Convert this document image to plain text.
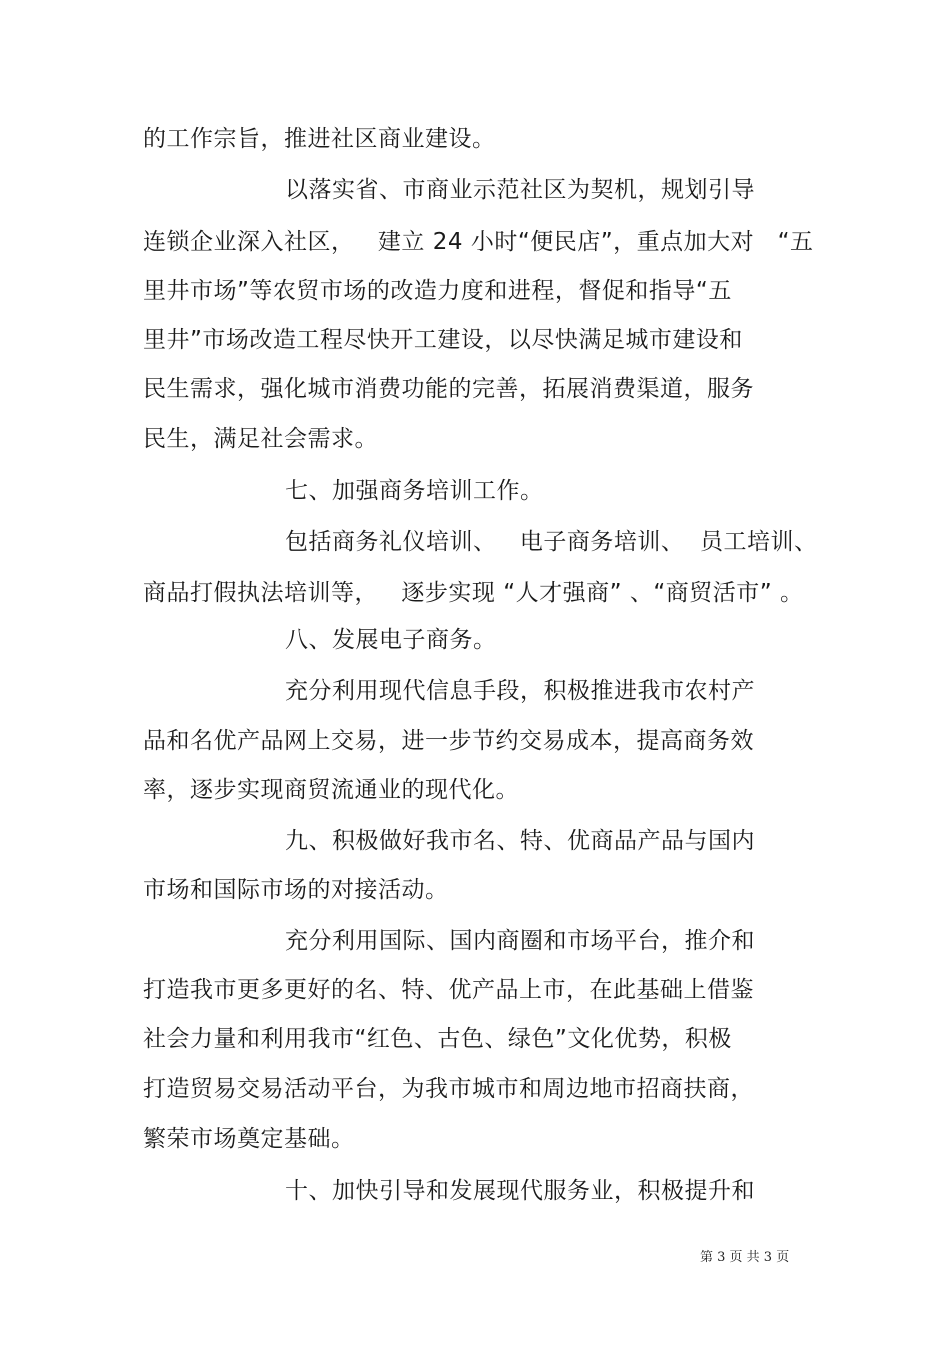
的工作宗旨，推进社区商业建设。
以落实省、市商业示范社区为契机，规划引导
连锁企业深入社区，   建立 24 小时“便民店”，重点加大对   “五
里井市场”等农贸市场的改造力度和进程，督促和指导“五
里井”市场改造工程尽快开工建设，以尽快满足城市建设和
民生需求，强化城市消费功能的完善，拓展消费渠道，服务
民生，满足社会需求。
七、加强商务培训工作。
包括商务礼仪培训、   电子商务培训、  员工培训、
商品打假执法培训等，   逐步实现 “人才强商” 、“商贸活市” 。
八、发展电子商务。
充分利用现代信息手段，积极推进我市农村产
品和名优产品网上交易，进一步节约交易成本，提高商务效
率，逐步实现商贸流通业的现代化。
九、积极做好我市名、特、优商品产品与国内
市场和国际市场的对接活动。
充分利用国际、国内商圈和市场平台，推介和
打造我市更多更好的名、特、优产品上市，在此基础上借鉴
社会力量和利用我市“红色、古色、绿色”文化优势，积极
打造贸易交易活动平台，为我市城市和周边地市招商扶商，
繁荣市场奠定基础。
十、加快引导和发展现代服务业，积极提升和
第 3 页 共 3 页
